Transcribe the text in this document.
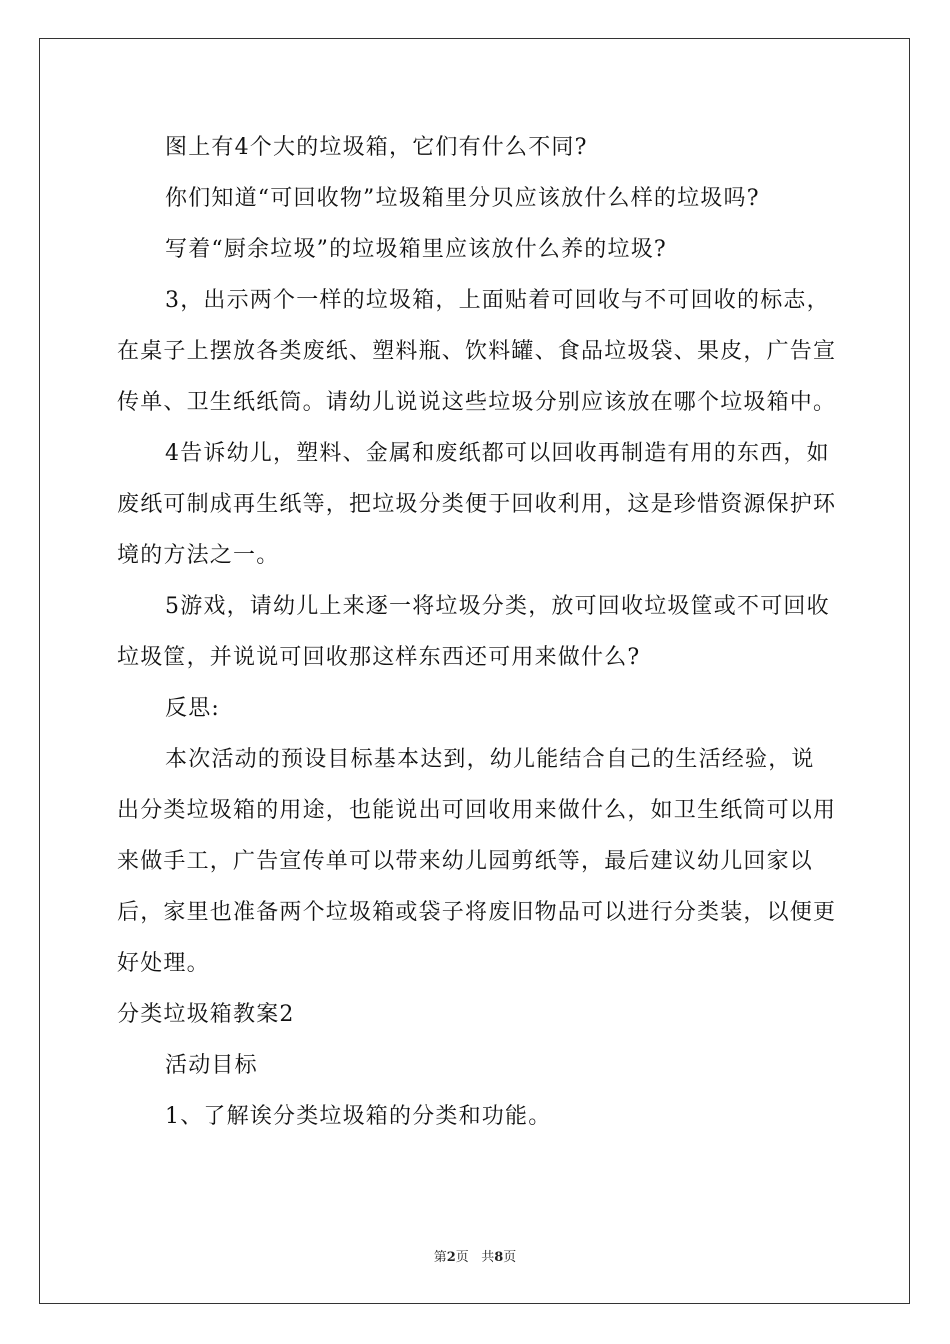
图上有4个大的垃圾箱，它们有什么不同?

你们知道“可回收物”垃圾箱里分贝应该放什么样的垃圾吗?

写着“厨余垃圾”的垃圾箱里应该放什么养的垃圾?

3，出示两个一样的垃圾箱，上面贴着可回收与不可回收的标志，在桌子上摆放各类废纸、塑料瓶、饮料罐、食品垃圾袋、果皮，广告宣传单、卫生纸纸筒。请幼儿说说这些垃圾分别应该放在哪个垃圾箱中。

4告诉幼儿，塑料、金属和废纸都可以回收再制造有用的东西，如废纸可制成再生纸等，把垃圾分类便于回收利用，这是珍惜资源保护环境的方法之一。

5游戏，请幼儿上来逐一将垃圾分类，放可回收垃圾筐或不可回收垃圾筐，并说说可回收那这样东西还可用来做什么?

反思:

本次活动的预设目标基本达到，幼儿能结合自己的生活经验，说出分类垃圾箱的用途，也能说出可回收用来做什么，如卫生纸筒可以用来做手工，广告宣传单可以带来幼儿园剪纸等，最后建议幼儿回家以后，家里也准备两个垃圾箱或袋子将废旧物品可以进行分类装，以便更好处理。

分类垃圾箱教案2

活动目标

1、了解诶分类垃圾箱的分类和功能。

第2页 共8页
